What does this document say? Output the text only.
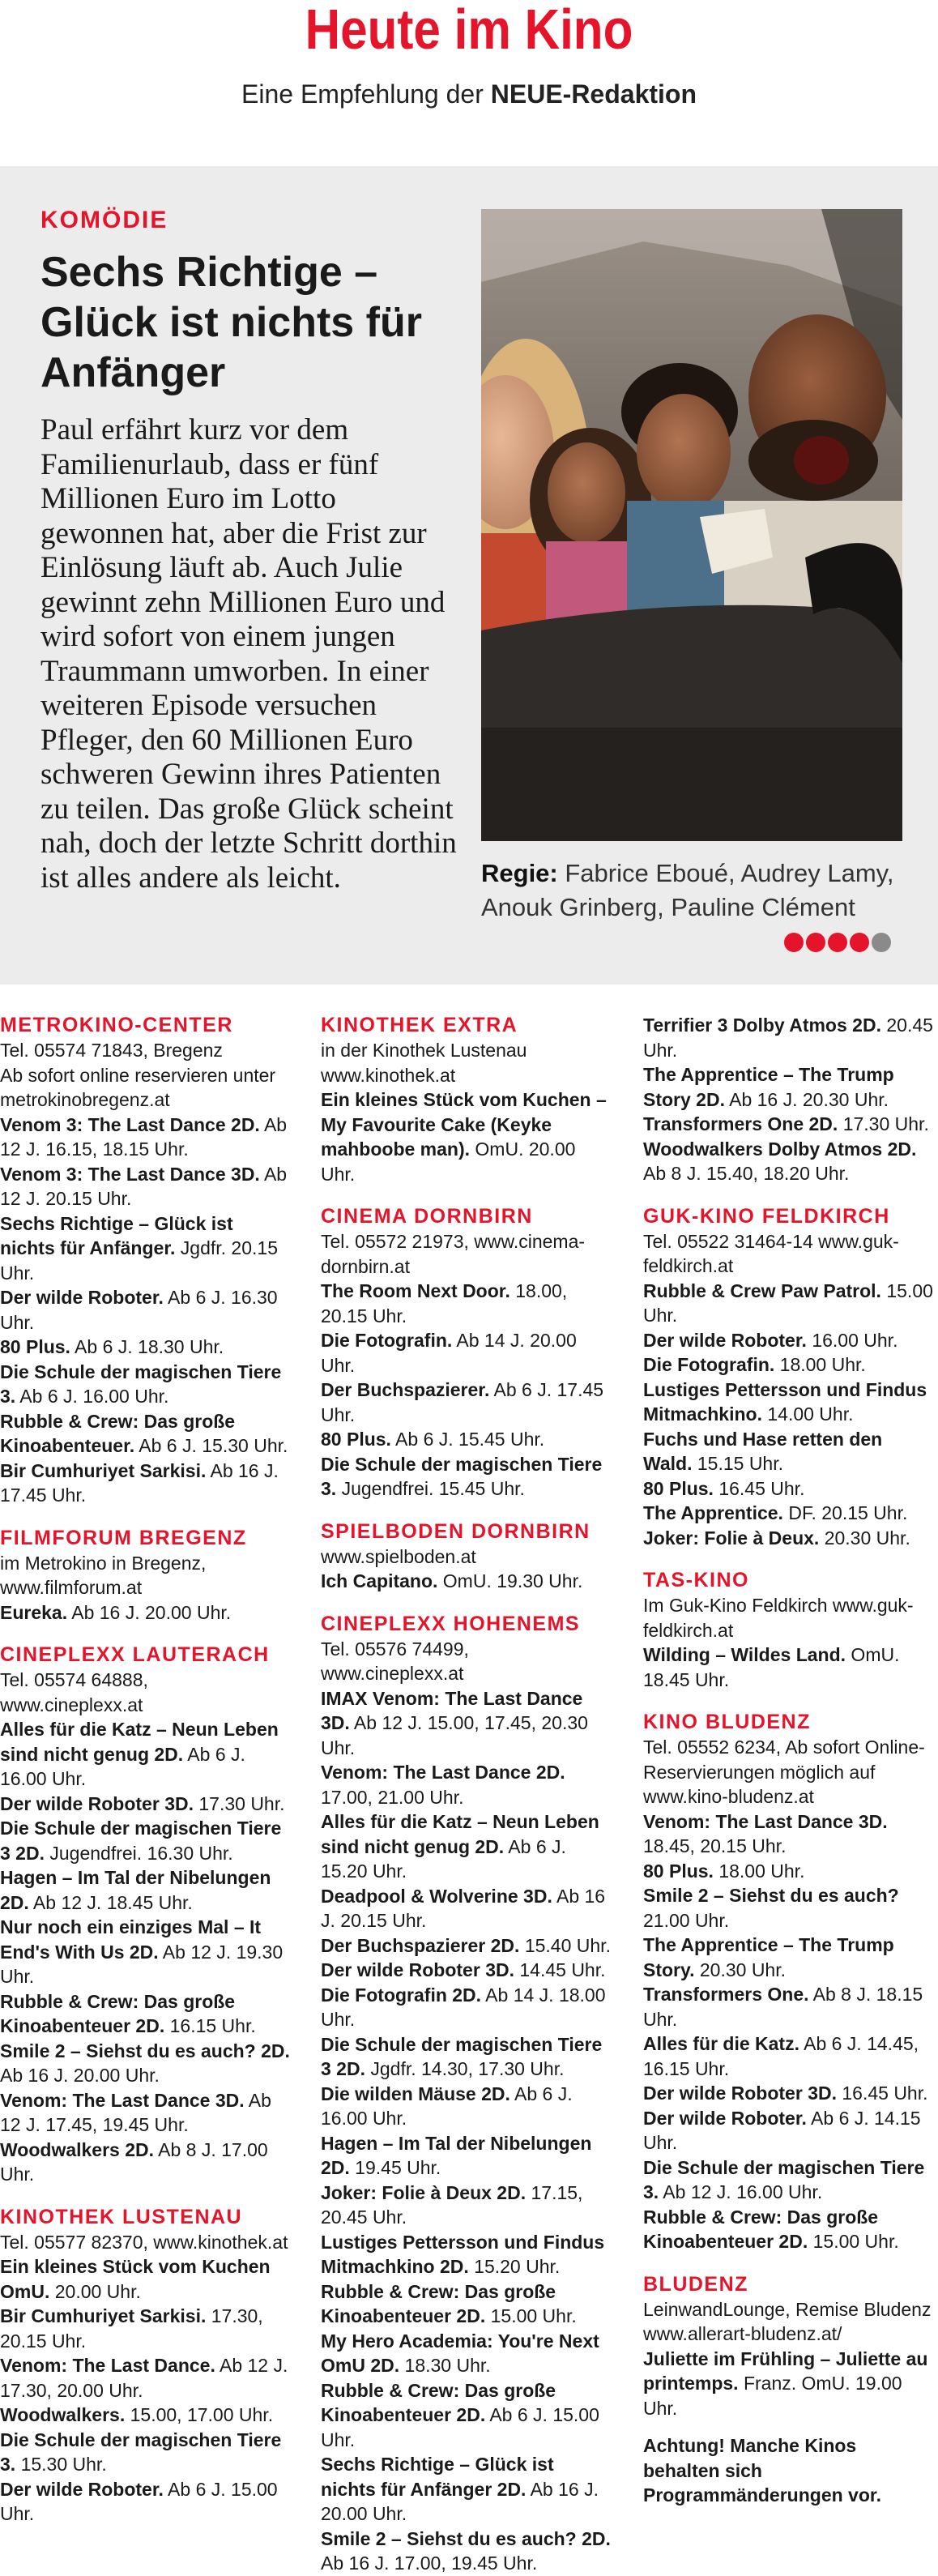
Heute im Kino
Eine Empfehlung der NEUE-Redaktion
KOMÖDIE
Sechs Richtige – Glück ist nichts für Anfänger
Paul erfährt kurz vor dem Familienurlaub, dass er fünf Millionen Euro im Lotto gewonnen hat, aber die Frist zur Einlösung läuft ab. Auch Julie gewinnt zehn Millionen Euro und wird sofort von einem jungen Traummann umworben. In einer weiteren Episode versuchen Pfleger, den 60 Millionen Euro schweren Gewinn ihres Patienten zu teilen. Das große Glück scheint nah, doch der letzte Schritt dorthin ist alles andere als leicht.	Regie: Fabrice Eboué, Audrey Lamy, Anouk Grinberg, Pauline Clément
METROKINO-CENTER

Tel. 05574 71843, Bregenz

Ab sofort online reservieren unter metrokinobregenz.at

Venom 3: The Last Dance 2D. Ab 12 J. 16.15, 18.15 Uhr.

Venom 3: The Last Dance 3D. Ab 12 J. 20.15 Uhr.

Sechs Richtige – Glück ist nichts für Anfänger. Jgdfr. 20.15 Uhr.

Der wilde Roboter. Ab 6 J. 16.30 Uhr.

80 Plus. Ab 6 J. 18.30 Uhr.

Die Schule der magischen Tiere 3. Ab 6 J. 16.00 Uhr.

Rubble & Crew: Das große Kinoabenteuer. Ab 6 J. 15.30 Uhr.

Bir Cumhuriyet Sarkisi. Ab 16 J. 17.45 Uhr.

FILMFORUM BREGENZ

im Metrokino in Bregenz, www.filmforum.at

Eureka. Ab 16 J. 20.00 Uhr.

CINEPLEXX LAUTERACH

Tel. 05574 64888, www.cineplexx.at

Alles für die Katz – Neun Leben sind nicht genug 2D. Ab 6 J. 16.00 Uhr.

Der wilde Roboter 3D. 17.30 Uhr.

Die Schule der magischen Tiere 3 2D. Jugendfrei. 16.30 Uhr.

Hagen – Im Tal der Nibelungen 2D. Ab 12 J. 18.45 Uhr.

Nur noch ein einziges Mal – It End's With Us 2D. Ab 12 J. 19.30 Uhr.

Rubble & Crew: Das große Kinoabenteuer 2D. 16.15 Uhr.

Smile 2 – Siehst du es auch? 2D. Ab 16 J. 20.00 Uhr.

Venom: The Last Dance 3D. Ab 12 J. 17.45, 19.45 Uhr.

Woodwalkers 2D. Ab 8 J. 17.00 Uhr.

KINOTHEK LUSTENAU

Tel. 05577 82370, www.kinothek.at

Ein kleines Stück vom Kuchen OmU. 20.00 Uhr.

Bir Cumhuriyet Sarkisi. 17.30, 20.15 Uhr.

Venom: The Last Dance. Ab 12 J. 17.30, 20.00 Uhr.

Woodwalkers. 15.00, 17.00 Uhr.

Die Schule der magischen Tiere 3. 15.30 Uhr.

Der wilde Roboter. Ab 6 J. 15.00 Uhr.

KINOTHEK EXTRA

in der Kinothek Lustenau www.kinothek.at

Ein kleines Stück vom Kuchen – My Favourite Cake (Keyke mahboobe man). OmU. 20.00 Uhr.

CINEMA DORNBIRN

Tel. 05572 21973, www.cinema-dornbirn.at

The Room Next Door. 18.00, 20.15 Uhr.

Die Fotografin. Ab 14 J. 20.00 Uhr.

Der Buchspazierer. Ab 6 J. 17.45 Uhr.

80 Plus. Ab 6 J. 15.45 Uhr.

Die Schule der magischen Tiere 3. Jugendfrei. 15.45 Uhr.

SPIELBODEN DORNBIRN

www.spielboden.at

Ich Capitano. OmU. 19.30 Uhr.

CINEPLEXX HOHENEMS

Tel. 05576 74499, www.cineplexx.at

IMAX Venom: The Last Dance 3D. Ab 12 J. 15.00, 17.45, 20.30 Uhr.

Venom: The Last Dance 2D. 17.00, 21.00 Uhr.

Alles für die Katz – Neun Leben sind nicht genug 2D. Ab 6 J. 15.20 Uhr.

Deadpool & Wolverine 3D. Ab 16 J. 20.15 Uhr.

Der Buchspazierer 2D. 15.40 Uhr.

Der wilde Roboter 3D. 14.45 Uhr.

Die Fotografin 2D. Ab 14 J. 18.00 Uhr.

Die Schule der magischen Tiere 3 2D. Jgdfr. 14.30, 17.30 Uhr.

Die wilden Mäuse 2D. Ab 6 J. 16.00 Uhr.

Hagen – Im Tal der Nibelungen 2D. 19.45 Uhr.

Joker: Folie à Deux 2D. 17.15, 20.45 Uhr.

Lustiges Pettersson und Findus Mitmachkino 2D. 15.20 Uhr.

Rubble & Crew: Das große Kinoabenteuer 2D. 15.00 Uhr.

My Hero Academia: You're Next OmU 2D. 18.30 Uhr.

Rubble & Crew: Das große Kinoabenteuer 2D. Ab 6 J. 15.00 Uhr.

Sechs Richtige – Glück ist nichts für Anfänger 2D. Ab 16 J. 20.00 Uhr.

Smile 2 – Siehst du es auch? 2D. Ab 16 J. 17.00, 19.45 Uhr.

Terrifier 3 Dolby Atmos 2D. 20.45 Uhr.

The Apprentice – The Trump Story 2D. Ab 16 J. 20.30 Uhr.

Transformers One 2D. 17.30 Uhr.

Woodwalkers Dolby Atmos 2D. Ab 8 J. 15.40, 18.20 Uhr.

GUK-KINO FELDKIRCH

Tel. 05522 31464-14 www.guk-feldkirch.at

Rubble & Crew Paw Patrol. 15.00 Uhr.

Der wilde Roboter. 16.00 Uhr.

Die Fotografin. 18.00 Uhr.

Lustiges Pettersson und Findus Mitmachkino. 14.00 Uhr.

Fuchs und Hase retten den Wald. 15.15 Uhr.

80 Plus. 16.45 Uhr.

The Apprentice. DF. 20.15 Uhr.

Joker: Folie à Deux. 20.30 Uhr.

TAS-KINO

Im Guk-Kino Feldkirch www.guk-feldkirch.at

Wilding – Wildes Land. OmU. 18.45 Uhr.

KINO BLUDENZ

Tel. 05552 6234, Ab sofort Online-Reservierungen möglich auf www.kino-bludenz.at

Venom: The Last Dance 3D. 18.45, 20.15 Uhr.

80 Plus. 18.00 Uhr.

Smile 2 – Siehst du es auch? 21.00 Uhr.

The Apprentice – The Trump Story. 20.30 Uhr.

Transformers One. Ab 8 J. 18.15 Uhr.

Alles für die Katz. Ab 6 J. 14.45, 16.15 Uhr.

Der wilde Roboter 3D. 16.45 Uhr.

Der wilde Roboter. Ab 6 J. 14.15 Uhr.

Die Schule der magischen Tiere 3. Ab 12 J. 16.00 Uhr.

Rubble & Crew: Das große Kinoabenteuer 2D. 15.00 Uhr.

BLUDENZ

LeinwandLounge, Remise Bludenz www.allerart-bludenz.at/

Juliette im Frühling – Juliette au printemps. Franz. OmU. 19.00 Uhr.

Achtung! Manche Kinos behalten sich Programmänderungen vor.
